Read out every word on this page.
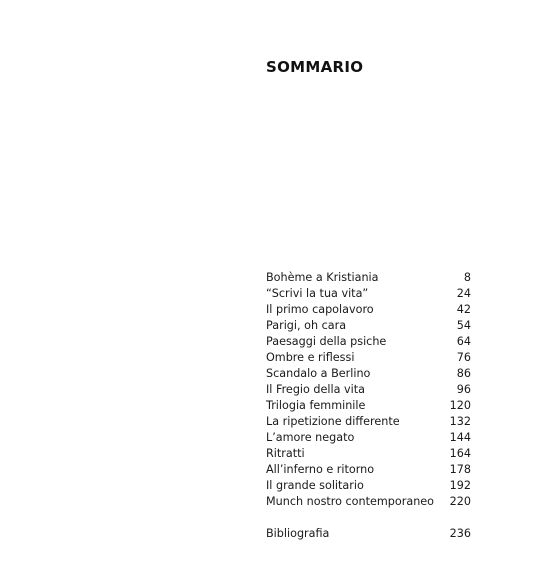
SOMMARIO
Bohème a Kristiania	8
“Scrivi la tua vita”	24
Il primo capolavoro	42
Parigi, oh cara	54
Paesaggi della psiche	64
Ombre e riflessi	76
Scandalo a Berlino	86
Il Fregio della vita	96
Trilogia femminile	120
La ripetizione differente	132
L’amore negato	144
Ritratti	164
All’inferno e ritorno	178
Il grande solitario	192
Munch nostro contemporaneo	220
Bibliografia	236
